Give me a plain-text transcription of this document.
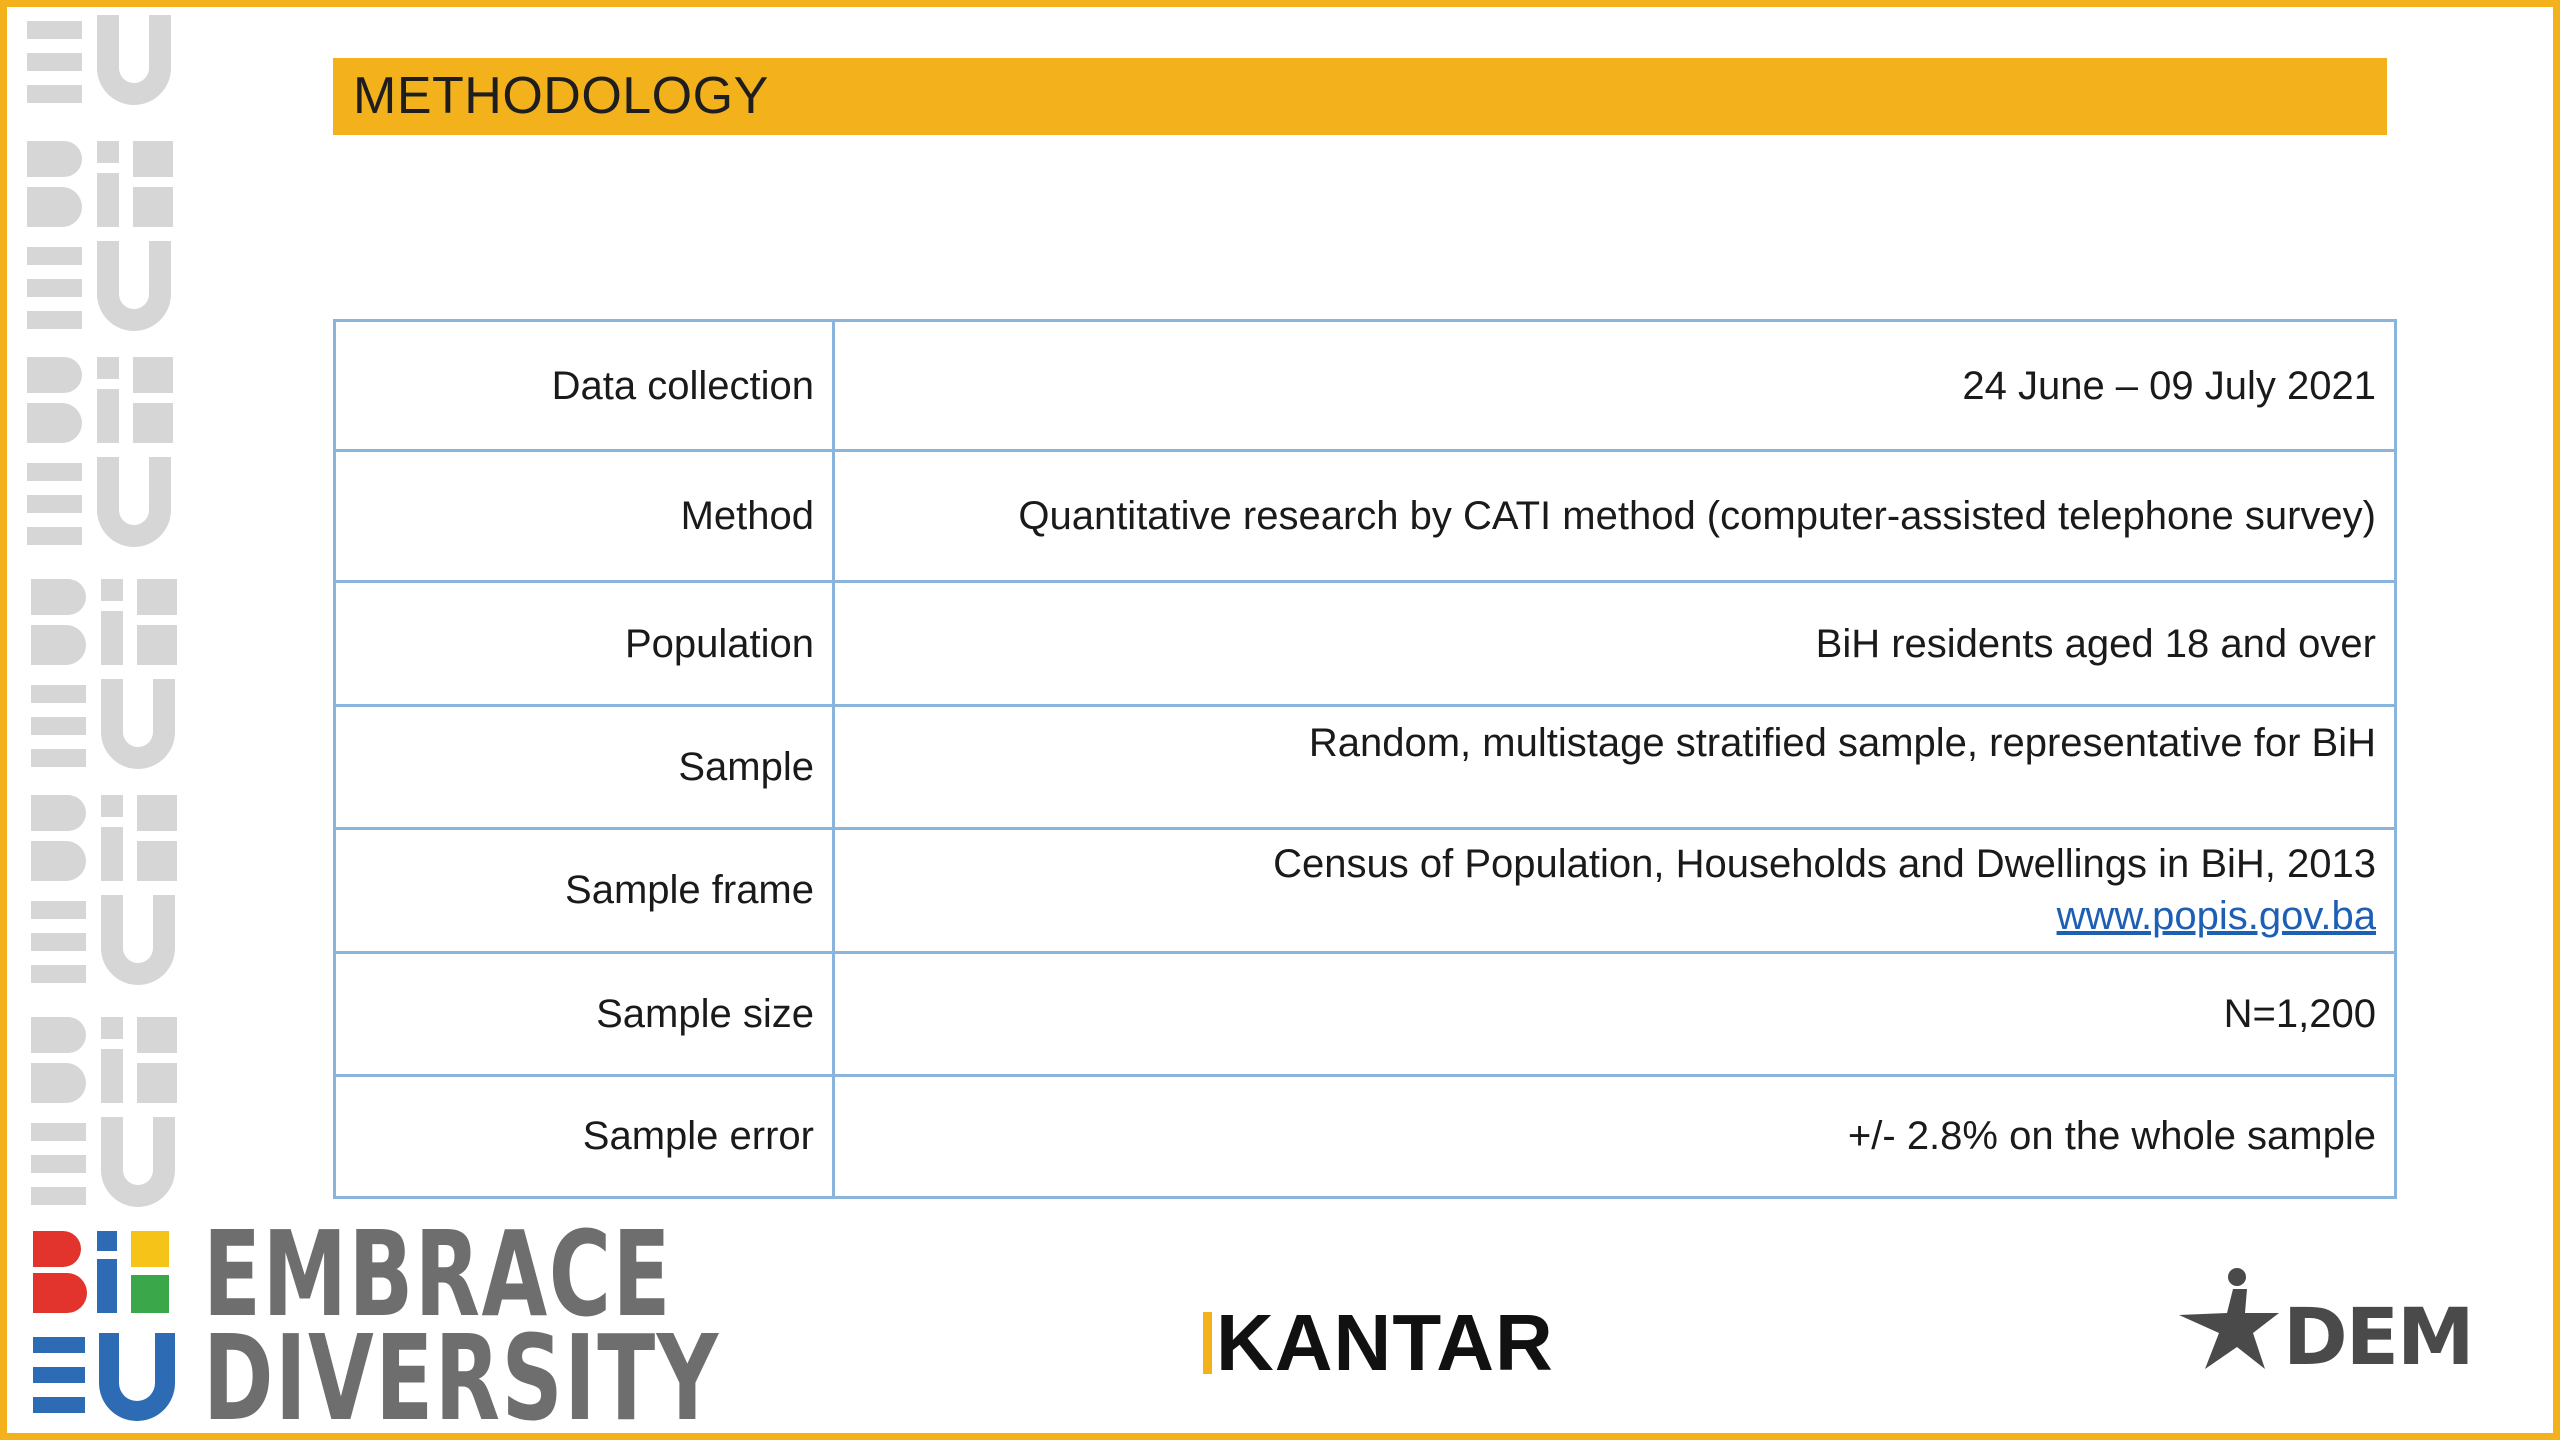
METHODOLOGY
Data collection	24 June – 09 July 2021
Method	Quantitative research by CATI method (computer-assisted telephone survey)
Population	BiH residents aged 18 and over
Sample	Random, multistage stratified sample, representative for BiH
Sample frame	Census of Population, Households and Dwellings in BiH, 2013
www.popis.gov.ba

Sample size	N=1,200
Sample error	+/- 2.8% on the whole sample
EMBRACE
DIVERSITY	KANTAR	DEM
